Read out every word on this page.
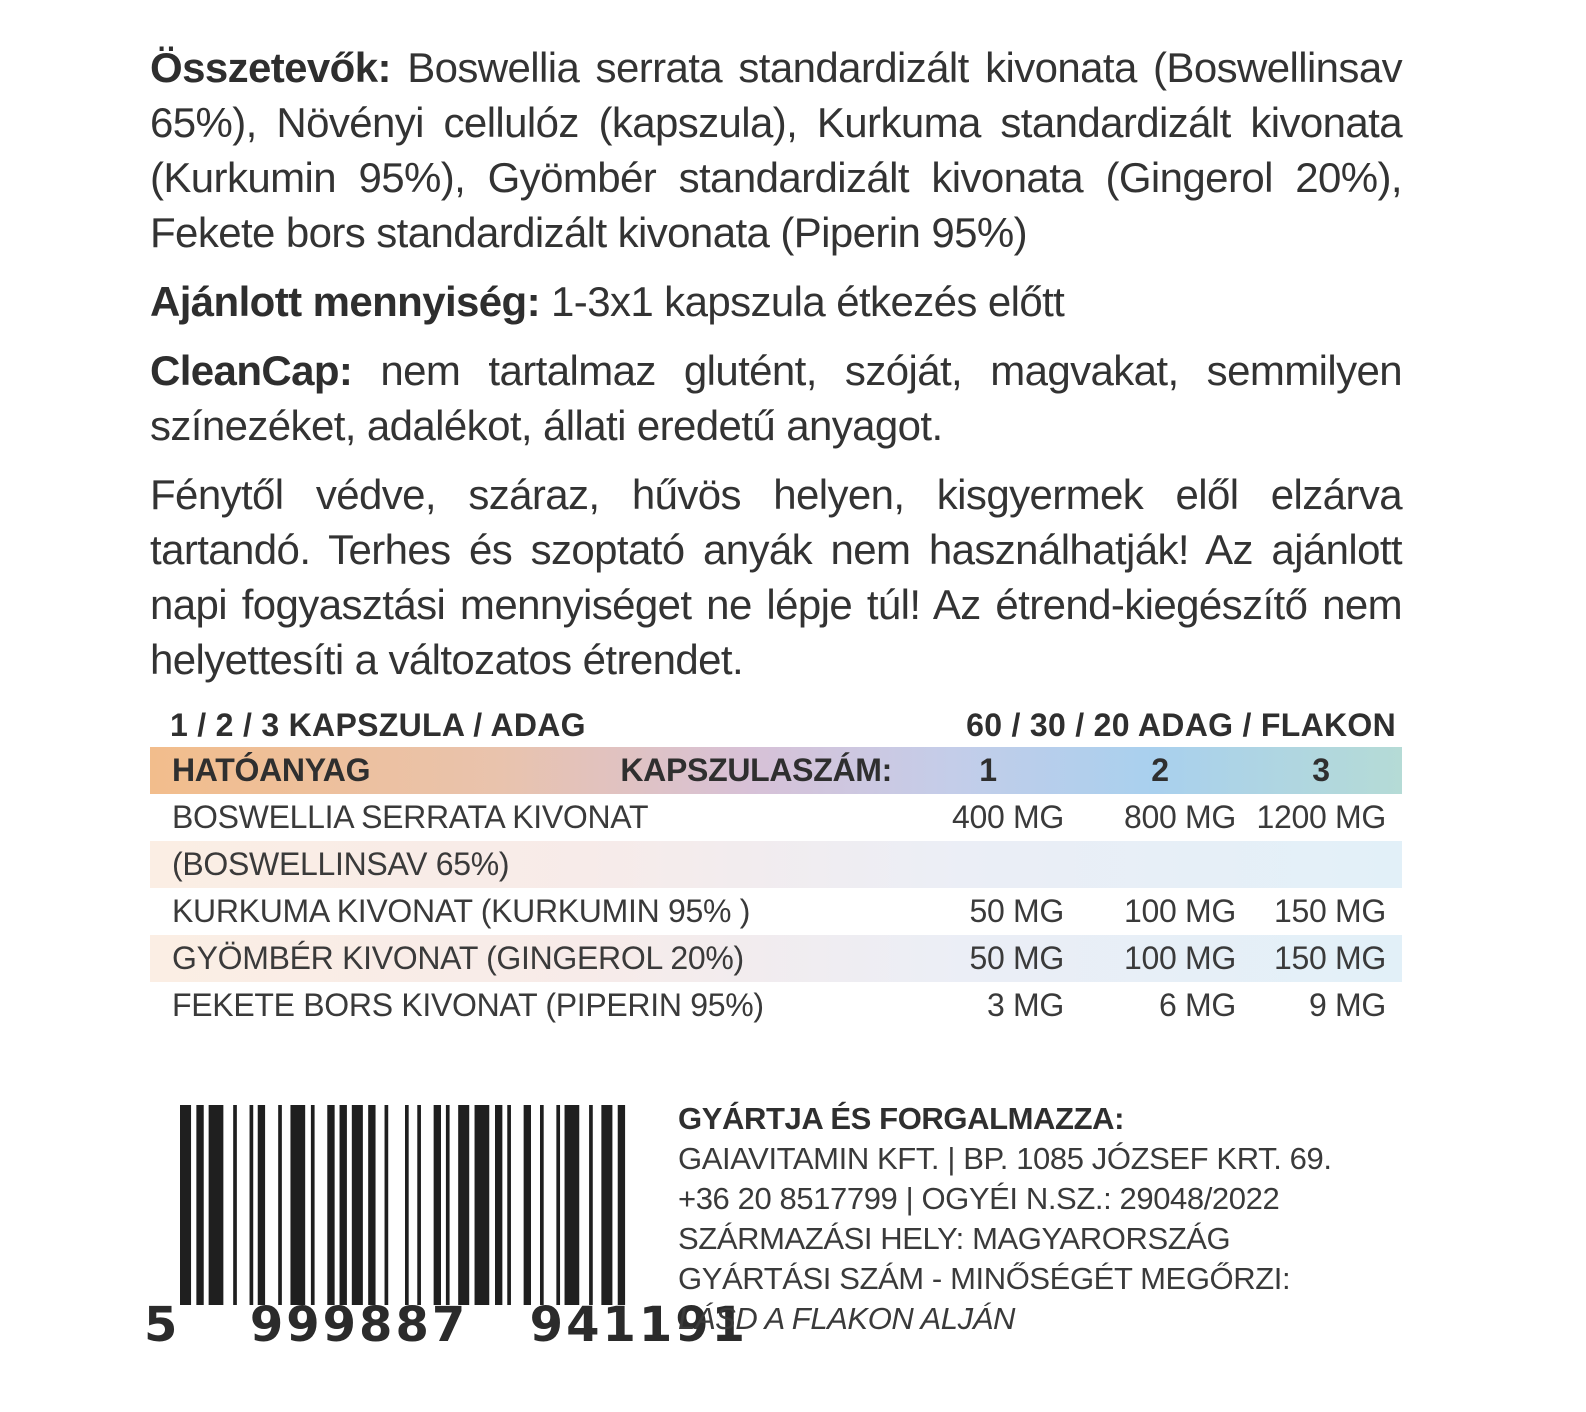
Összetevők: Boswellia serrata standardizált kivonata (Boswellinsav 65%), Növényi cellulóz (kapszula), Kurkuma standardizált kivonata (Kurkumin 95%), Gyömbér standardizált kivonata (Gingerol 20%), Fekete bors standardizált kivonata (Piperin 95%)

Ajánlott mennyiség: 1-3x1 kapszula étkezés előtt

CleanCap: nem tartalmaz glutént, szóját, magvakat, semmilyen színezéket, adalékot, állati eredetű anyagot.

Fénytől védve, száraz, hűvös helyen, kisgyermek elől elzárva tartandó. Terhes és szoptató anyák nem használhatják! Az ajánlott napi fogyasztási mennyiséget ne lépje túl! Az étrend-kiegészítő nem helyettesíti a változatos étrendet.

1 / 2 / 3 KAPSZULA / ADAG	60 / 30 / 20 ADAG / FLAKON
HATÓANYAG	KAPSZULASZÁM:	1	2	3
BOSWELLIA SERRATA KIVONAT	400 MG	800 MG 1200 MG
(BOSWELLINSAV 65%)
KURKUMA KIVONAT (KURKUMIN 95% )	50 MG	100 MG	150 MG
GYÖMBÉR KIVONAT (GINGEROL 20%)	50 MG	100 MG	150 MG
FEKETE BORS KIVONAT (PIPERIN 95%)	3 MG	6 MG	9 MG
5 999887 941191
GYÁRTJA ÉS FORGALMAZZA:
GAIAVITAMIN KFT. | BP. 1085 JÓZSEF KRT. 69.
+36 20 8517799 | OGYÉI N.SZ.: 29048/2022
SZÁRMAZÁSI HELY: MAGYARORSZÁG
GYÁRTÁSI SZÁM - MINŐSÉGÉT MEGŐRZI:
LÁSD A FLAKON ALJÁN
